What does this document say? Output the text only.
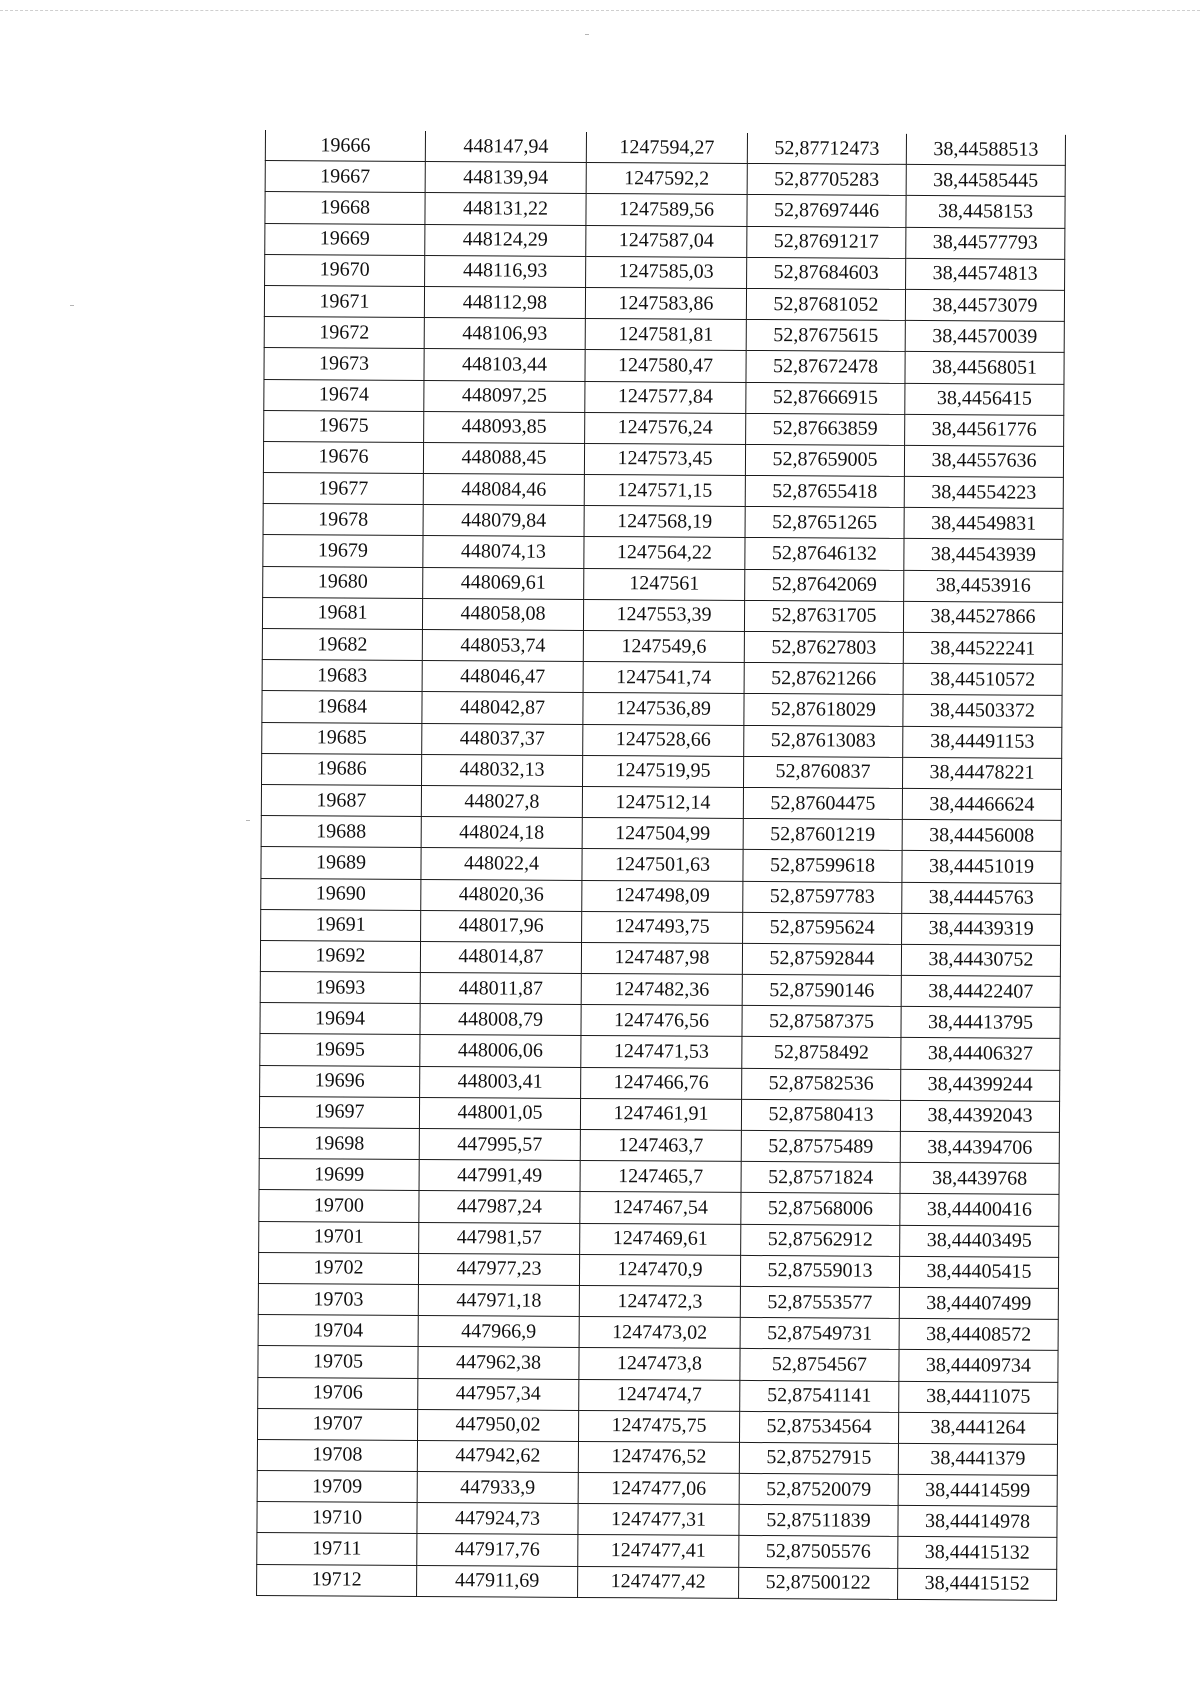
19666	448147,94	1247594,27	52,87712473	38,44588513
19667	448139,94	1247592,2	52,87705283	38,44585445
19668	448131,22	1247589,56	52,87697446	38,4458153
19669	448124,29	1247587,04	52,87691217	38,44577793
19670	448116,93	1247585,03	52,87684603	38,44574813
19671	448112,98	1247583,86	52,87681052	38,44573079
19672	448106,93	1247581,81	52,87675615	38,44570039
19673	448103,44	1247580,47	52,87672478	38,44568051
19674	448097,25	1247577,84	52,87666915	38,4456415
19675	448093,85	1247576,24	52,87663859	38,44561776
19676	448088,45	1247573,45	52,87659005	38,44557636
19677	448084,46	1247571,15	52,87655418	38,44554223
19678	448079,84	1247568,19	52,87651265	38,44549831
19679	448074,13	1247564,22	52,87646132	38,44543939
19680	448069,61	1247561	52,87642069	38,4453916
19681	448058,08	1247553,39	52,87631705	38,44527866
19682	448053,74	1247549,6	52,87627803	38,44522241
19683	448046,47	1247541,74	52,87621266	38,44510572
19684	448042,87	1247536,89	52,87618029	38,44503372
19685	448037,37	1247528,66	52,87613083	38,44491153
19686	448032,13	1247519,95	52,8760837	38,44478221
19687	448027,8	1247512,14	52,87604475	38,44466624
19688	448024,18	1247504,99	52,87601219	38,44456008
19689	448022,4	1247501,63	52,87599618	38,44451019
19690	448020,36	1247498,09	52,87597783	38,44445763
19691	448017,96	1247493,75	52,87595624	38,44439319
19692	448014,87	1247487,98	52,87592844	38,44430752
19693	448011,87	1247482,36	52,87590146	38,44422407
19694	448008,79	1247476,56	52,87587375	38,44413795
19695	448006,06	1247471,53	52,8758492	38,44406327
19696	448003,41	1247466,76	52,87582536	38,44399244
19697	448001,05	1247461,91	52,87580413	38,44392043
19698	447995,57	1247463,7	52,87575489	38,44394706
19699	447991,49	1247465,7	52,87571824	38,4439768
19700	447987,24	1247467,54	52,87568006	38,44400416
19701	447981,57	1247469,61	52,87562912	38,44403495
19702	447977,23	1247470,9	52,87559013	38,44405415
19703	447971,18	1247472,3	52,87553577	38,44407499
19704	447966,9	1247473,02	52,87549731	38,44408572
19705	447962,38	1247473,8	52,8754567	38,44409734
19706	447957,34	1247474,7	52,87541141	38,44411075
19707	447950,02	1247475,75	52,87534564	38,4441264
19708	447942,62	1247476,52	52,87527915	38,4441379
19709	447933,9	1247477,06	52,87520079	38,44414599
19710	447924,73	1247477,31	52,87511839	38,44414978
19711	447917,76	1247477,41	52,87505576	38,44415132
19712	447911,69	1247477,42	52,87500122	38,44415152
